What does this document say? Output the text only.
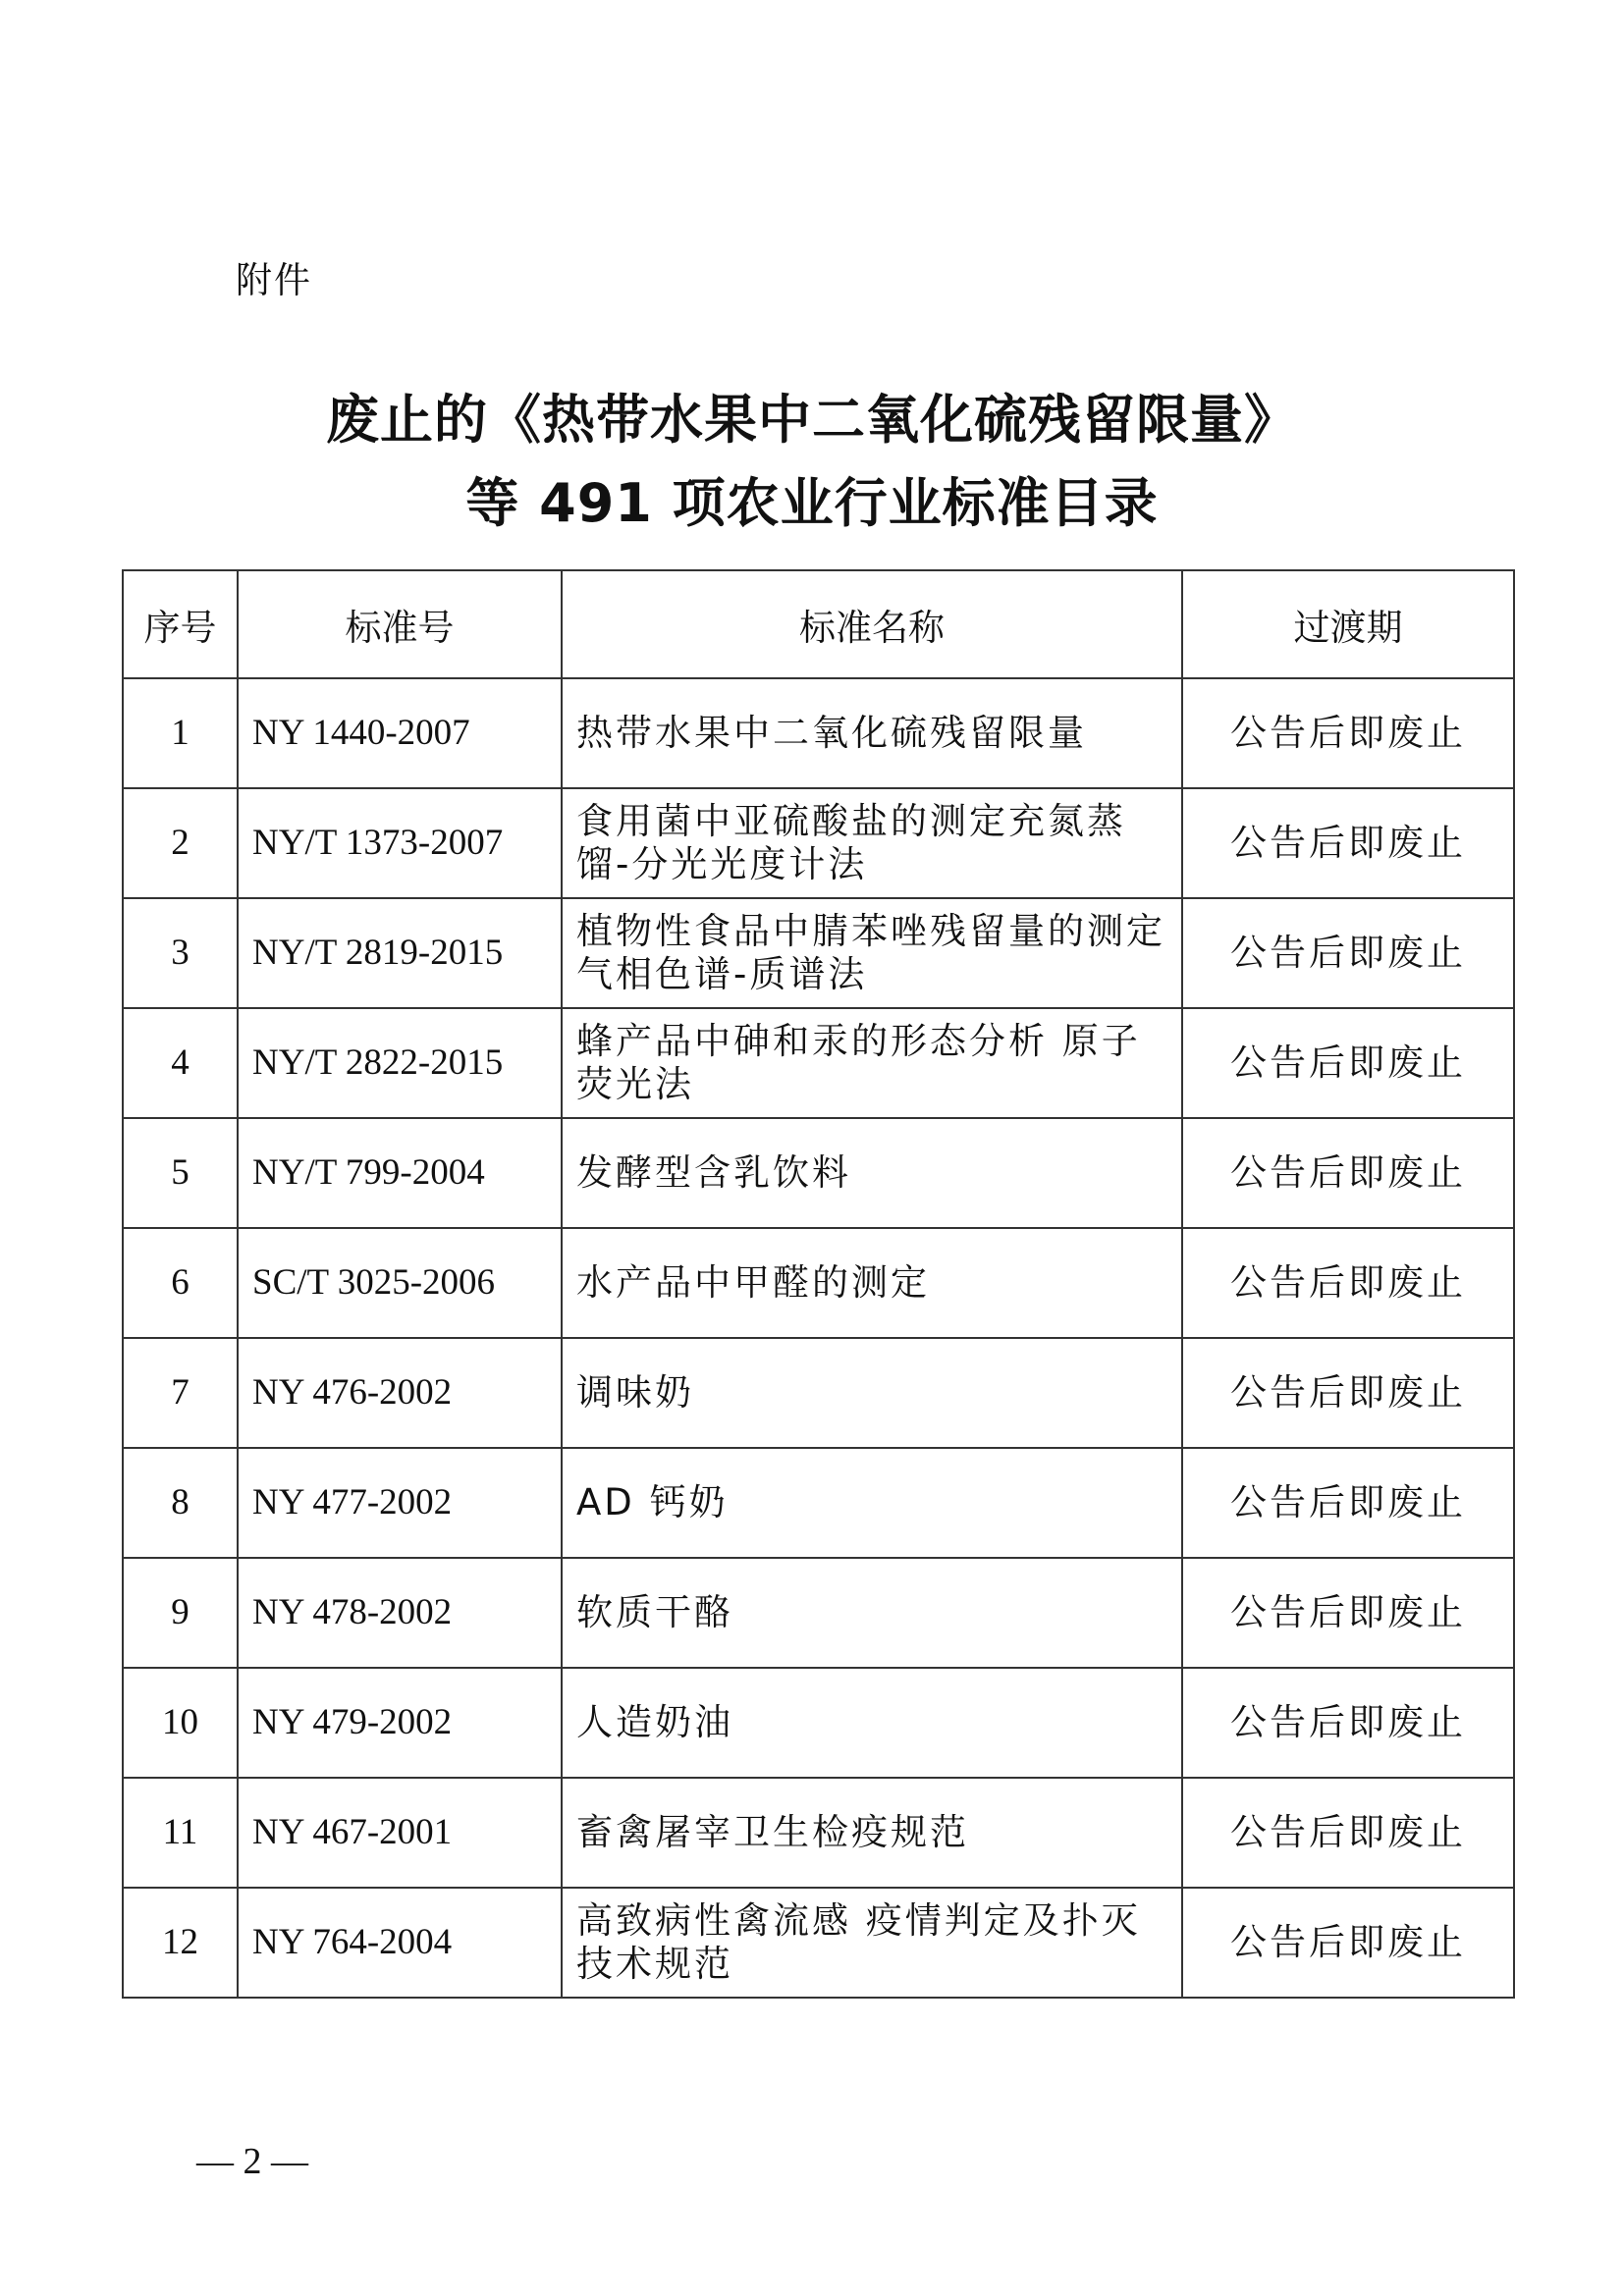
附件
废止的《热带水果中二氧化硫残留限量》
等 491 项农业行业标准目录
序号	标准号	标准名称	过渡期
1	NY 1440-2007	热带水果中二氧化硫残留限量	公告后即废止
2	NY/T 1373-2007	食用菌中亚硫酸盐的测定充氮蒸馏-分光光度计法	公告后即废止
3	NY/T 2819-2015	植物性食品中腈苯唑残留量的测定 气相色谱-质谱法	公告后即废止
4	NY/T 2822-2015	蜂产品中砷和汞的形态分析 原子荧光法	公告后即废止
5	NY/T 799-2004	发酵型含乳饮料	公告后即废止
6	SC/T 3025-2006	水产品中甲醛的测定	公告后即废止
7	NY 476-2002	调味奶	公告后即废止
8	NY 477-2002	AD 钙奶	公告后即废止
9	NY 478-2002	软质干酪	公告后即废止
10	NY 479-2002	人造奶油	公告后即废止
11	NY 467-2001	畜禽屠宰卫生检疫规范	公告后即废止
12	NY 764-2004	高致病性禽流感 疫情判定及扑灭技术规范	公告后即废止
— 2 —
